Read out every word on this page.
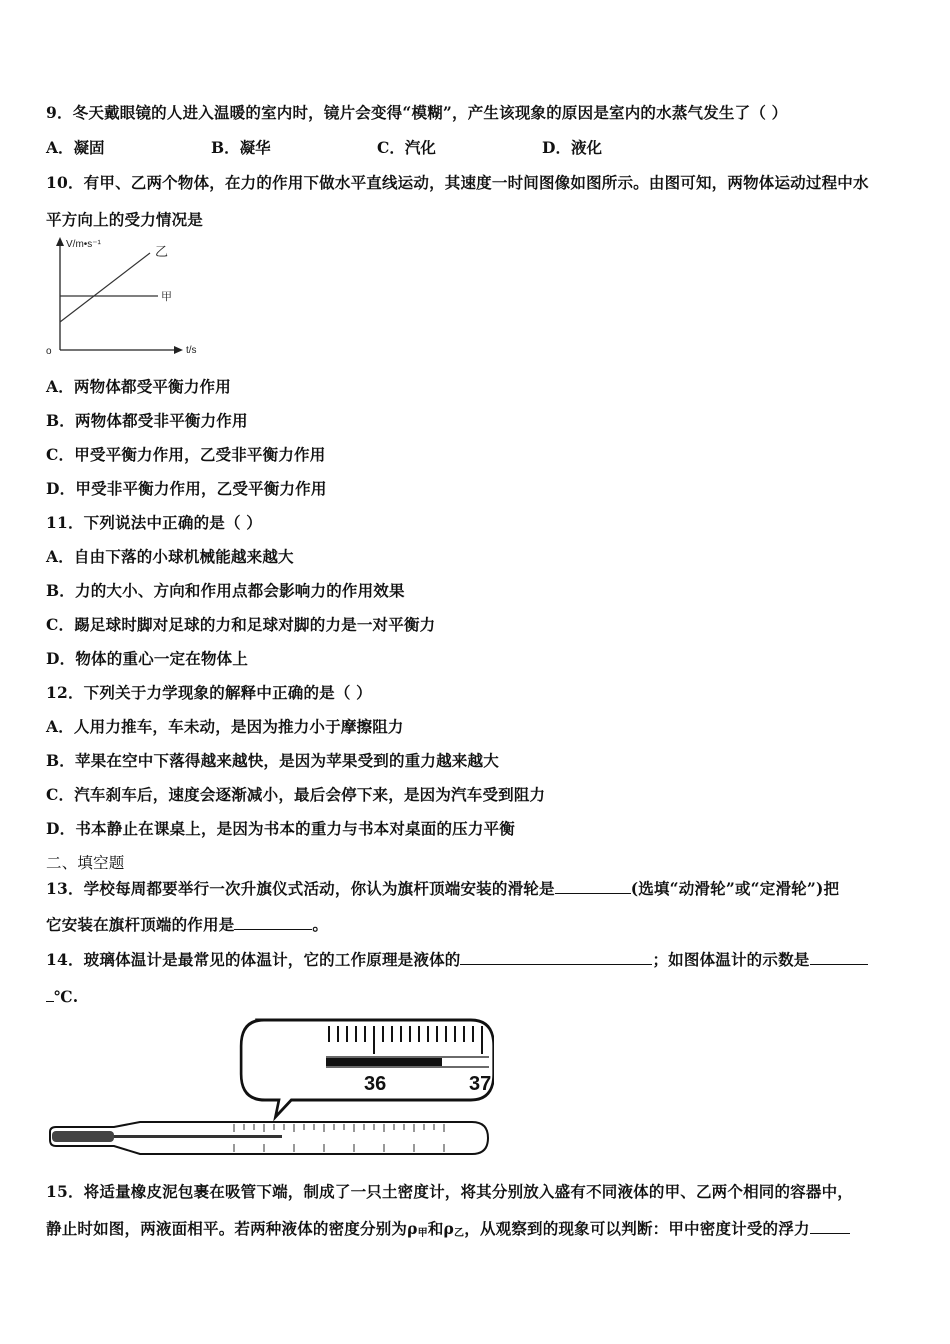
9．冬天戴眼镜的人进入温暖的室内时，镜片会变得“模糊”，产生该现象的原因是室内的水蒸气发生了（ ）
A．凝固	B．凝华	C．汽化	D．液化
10．有甲、乙两个物体，在力的作用下做水平直线运动，其速度一时间图像如图所示。由图可知，两物体运动过程中水
平方向上的受力情况是
V/m•s⁻¹
t/s
o
乙
甲
A．两物体都受平衡力作用
B．两物体都受非平衡力作用
C．甲受平衡力作用，乙受非平衡力作用
D．甲受非平衡力作用，乙受平衡力作用
11．下列说法中正确的是（ ）
A．自由下落的小球机械能越来越大
B．力的大小、方向和作用点都会影响力的作用效果
C．踢足球时脚对足球的力和足球对脚的力是一对平衡力
D．物体的重心一定在物体上
12．下列关于力学现象的解释中正确的是（ ）
A．人用力推车，车未动，是因为推力小于摩擦阻力
B．苹果在空中下落得越来越快，是因为苹果受到的重力越来越大
C．汽车刹车后，速度会逐渐减小，最后会停下来，是因为汽车受到阻力
D．书本静止在课桌上，是因为书本的重力与书本对桌面的压力平衡
二、填空题
13．学校每周都要举行一次升旗仪式活动，你认为旗杆顶端安装的滑轮是	(选填“动滑轮”或“定滑轮”)把
它安装在旗杆顶端的作用是	。
14．玻璃体温计是最常见的体温计，它的工作原理是液体的	；如图体温计的示数是
℃.
36	37
15．将适量橡皮泥包裹在吸管下端，制成了一只土密度计，将其分别放入盛有不同液体的甲、乙两个相同的容器中，
静止时如图，两液面相平。若两种液体的密度分别为$\rho_甲$和$\rho_乙$，从观察到的现象可以判断：甲中密度计受的浮力
